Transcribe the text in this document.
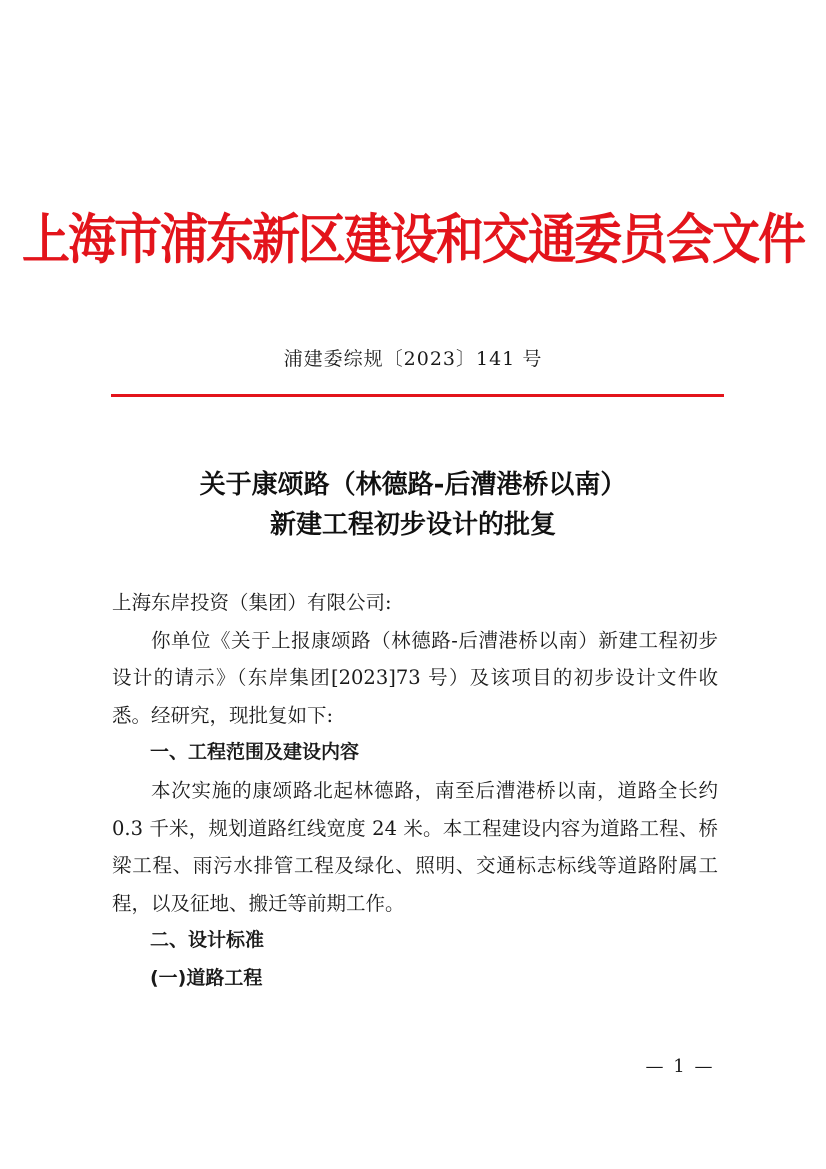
上海市浦东新区建设和交通委员会文件
浦建委综规〔2023〕141 号
关于康颂路（林德路-后漕港桥以南）
新建工程初步设计的批复

上海东岸投资（集团）有限公司:

你单位《关于上报康颂路（林德路-后漕港桥以南）新建工程初步设计的请示》（东岸集团[2023]73 号）及该项目的初步设计文件收悉。经研究，现批复如下:

一、工程范围及建设内容

本次实施的康颂路北起林德路，南至后漕港桥以南，道路全长约 0.3 千米，规划道路红线宽度 24 米。本工程建设内容为道路工程、桥梁工程、雨污水排管工程及绿化、照明、交通标志标线等道路附属工程，以及征地、搬迁等前期工作。

二、设计标准

(一)道路工程

— 1 —
